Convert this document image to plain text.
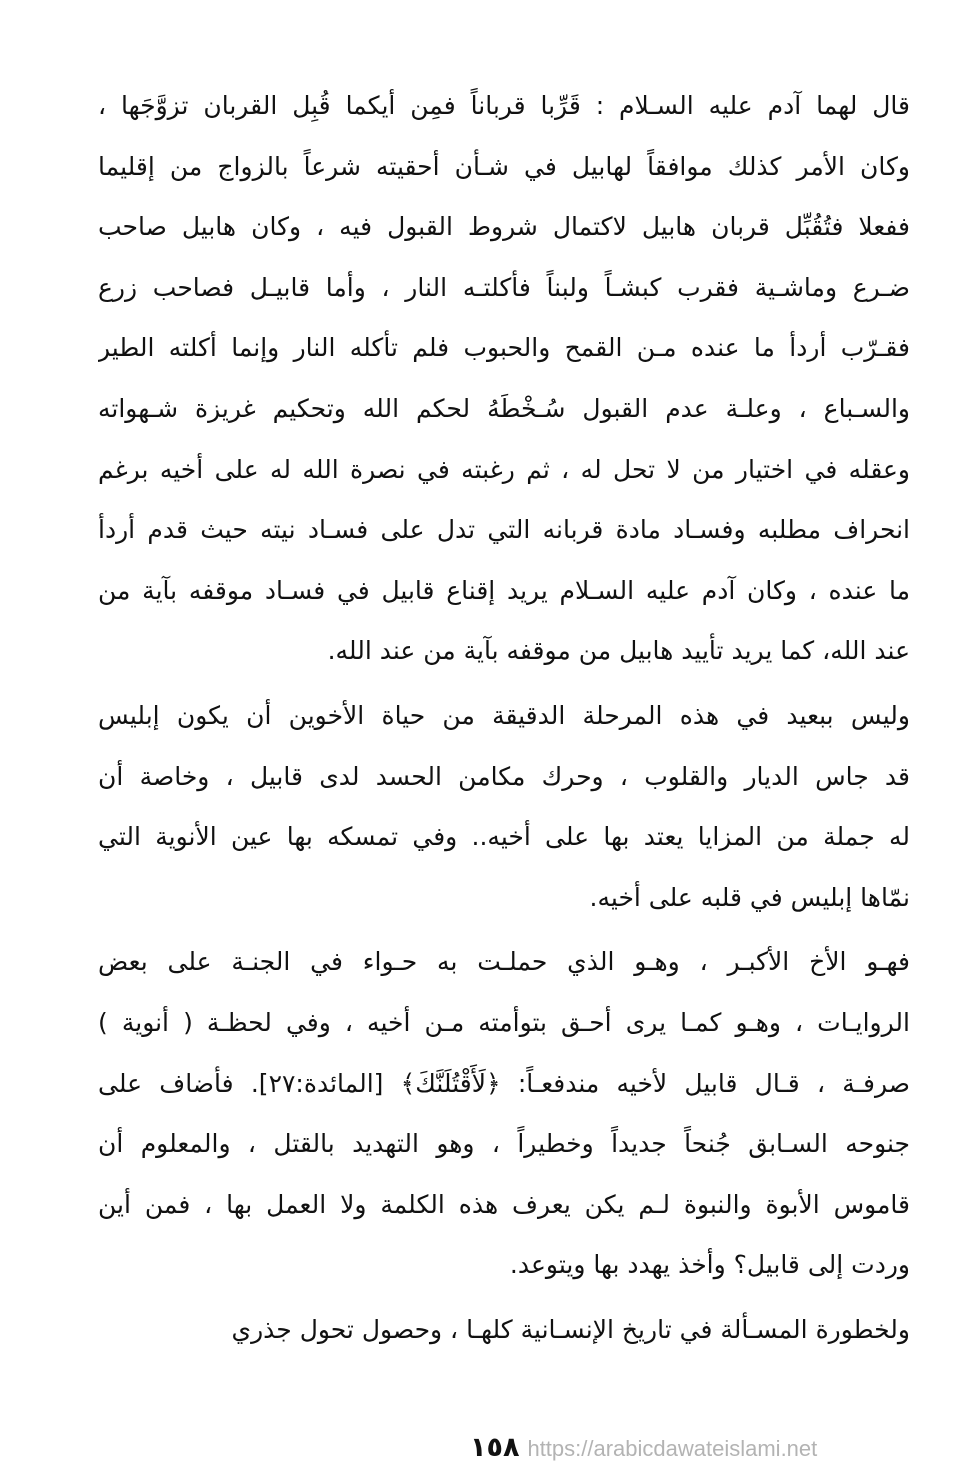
قال لهما آدم عليه السـلام : قَرِّبا قرباناً فمِن أيكما قُبِل القربان تزوَّجَها ،
وكان الأمر كذلك موافقاً لهابيل في شـأن أحقيته شرعاً بالزواج من إقليما
ففعلا فتُقُبِّل قربان هابيل لاكتمال شروط القبول فيه ، وكان هابيل صاحب
ضـرع وماشـية فقرب كبشـاً ولبناً فأكلتـه النار ، وأما قابيـل فصاحب زرع
فقـرّب أردأ ما عنده مـن القمح والحبوب فلم تأكله النار وإنما أكلته الطير
والسـباع ، وعلـة عدم القبول سُـخْطَهُ لحكم الله وتحكيم غريزة شـهواته
وعقله في اختيار من لا تحل له ، ثم رغبته في نصرة الله له على أخيه برغم
انحراف مطلبه وفسـاد مادة قربانه التي تدل على فسـاد نيته حيث قدم أردأ
ما عنده ، وكان آدم عليه السـلام يريد إقناع قابيل في فسـاد موقفه بآية من
عند الله، كما يريد تأييد هابيل من موقفه بآية من عند الله.
وليس ببعيد في هذه المرحلة الدقيقة من حياة الأخوين أن يكون إبليس
قد جاس الديار والقلوب ، وحرك مكامن الحسد لدى قابيل ، وخاصة أن
له جملة من المزايا يعتد بها على أخيه.. وفي تمسكه بها عين الأنوية التي
نمّاها إبليس في قلبه على أخيه.
فهـو الأخ الأكبـر ، وهـو الذي حملـت به حـواء في الجنـة على بعض
الروايـات ، وهـو كمـا يرى أحـق بتوأمته مـن أخيه ، وفي لحظـة ( أنوية )
صرفـة ، قـال قابيل لأخيه مندفعـاً: ﴿لَأَقْتُلَنَّكَ﴾ [المائدة:٢٧]. فأضاف على
جنوحه السـابق جُنحاً جديداً وخطيراً ، وهو التهديد بالقتل ، والمعلوم أن
قاموس الأبوة والنبوة لـم يكن يعرف هذه الكلمة ولا العمل بها ، فمن أين
وردت إلى قابيل؟ وأخذ يهدد بها ويتوعد.
ولخطورة المسـألة في تاريخ الإنسـانية كلهـا ، وحصول تحول جذري
١٥٨ https://arabicdawateislami.net
